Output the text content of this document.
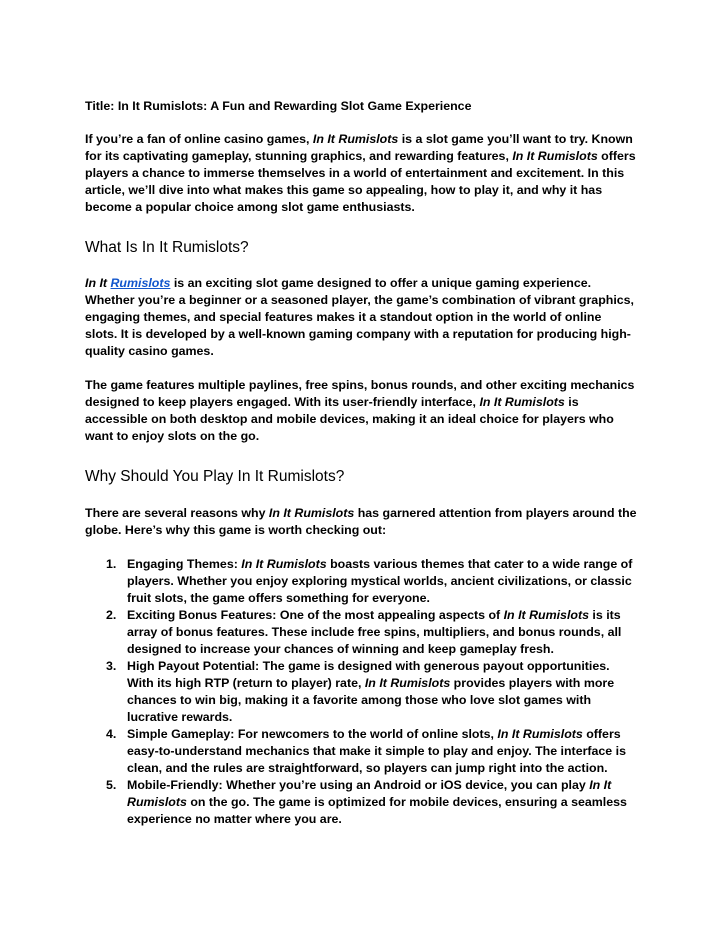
Title: In It Rumislots: A Fun and Rewarding Slot Game Experience

If you’re a fan of online casino games, In It Rumislots is a slot game you’ll want to try. Known for its captivating gameplay, stunning graphics, and rewarding features, In It Rumislots offers players a chance to immerse themselves in a world of entertainment and excitement. In this article, we’ll dive into what makes this game so appealing, how to play it, and why it has become a popular choice among slot game enthusiasts.

What Is In It Rumislots?

In It Rumislots is an exciting slot game designed to offer a unique gaming experience. Whether you’re a beginner or a seasoned player, the game’s combination of vibrant graphics, engaging themes, and special features makes it a standout option in the world of online slots. It is developed by a well-known gaming company with a reputation for producing high-quality casino games.

The game features multiple paylines, free spins, bonus rounds, and other exciting mechanics designed to keep players engaged. With its user-friendly interface, In It Rumislots is accessible on both desktop and mobile devices, making it an ideal choice for players who want to enjoy slots on the go.

Why Should You Play In It Rumislots?

There are several reasons why In It Rumislots has garnered attention from players around the globe. Here’s why this game is worth checking out:

1. Engaging Themes: In It Rumislots boasts various themes that cater to a wide range of players. Whether you enjoy exploring mystical worlds, ancient civilizations, or classic fruit slots, the game offers something for everyone.
2. Exciting Bonus Features: One of the most appealing aspects of In It Rumislots is its array of bonus features. These include free spins, multipliers, and bonus rounds, all designed to increase your chances of winning and keep gameplay fresh.
3. High Payout Potential: The game is designed with generous payout opportunities. With its high RTP (return to player) rate, In It Rumislots provides players with more chances to win big, making it a favorite among those who love slot games with lucrative rewards.
4. Simple Gameplay: For newcomers to the world of online slots, In It Rumislots offers easy-to-understand mechanics that make it simple to play and enjoy. The interface is clean, and the rules are straightforward, so players can jump right into the action.
5. Mobile-Friendly: Whether you’re using an Android or iOS device, you can play In It Rumislots on the go. The game is optimized for mobile devices, ensuring a seamless experience no matter where you are.
